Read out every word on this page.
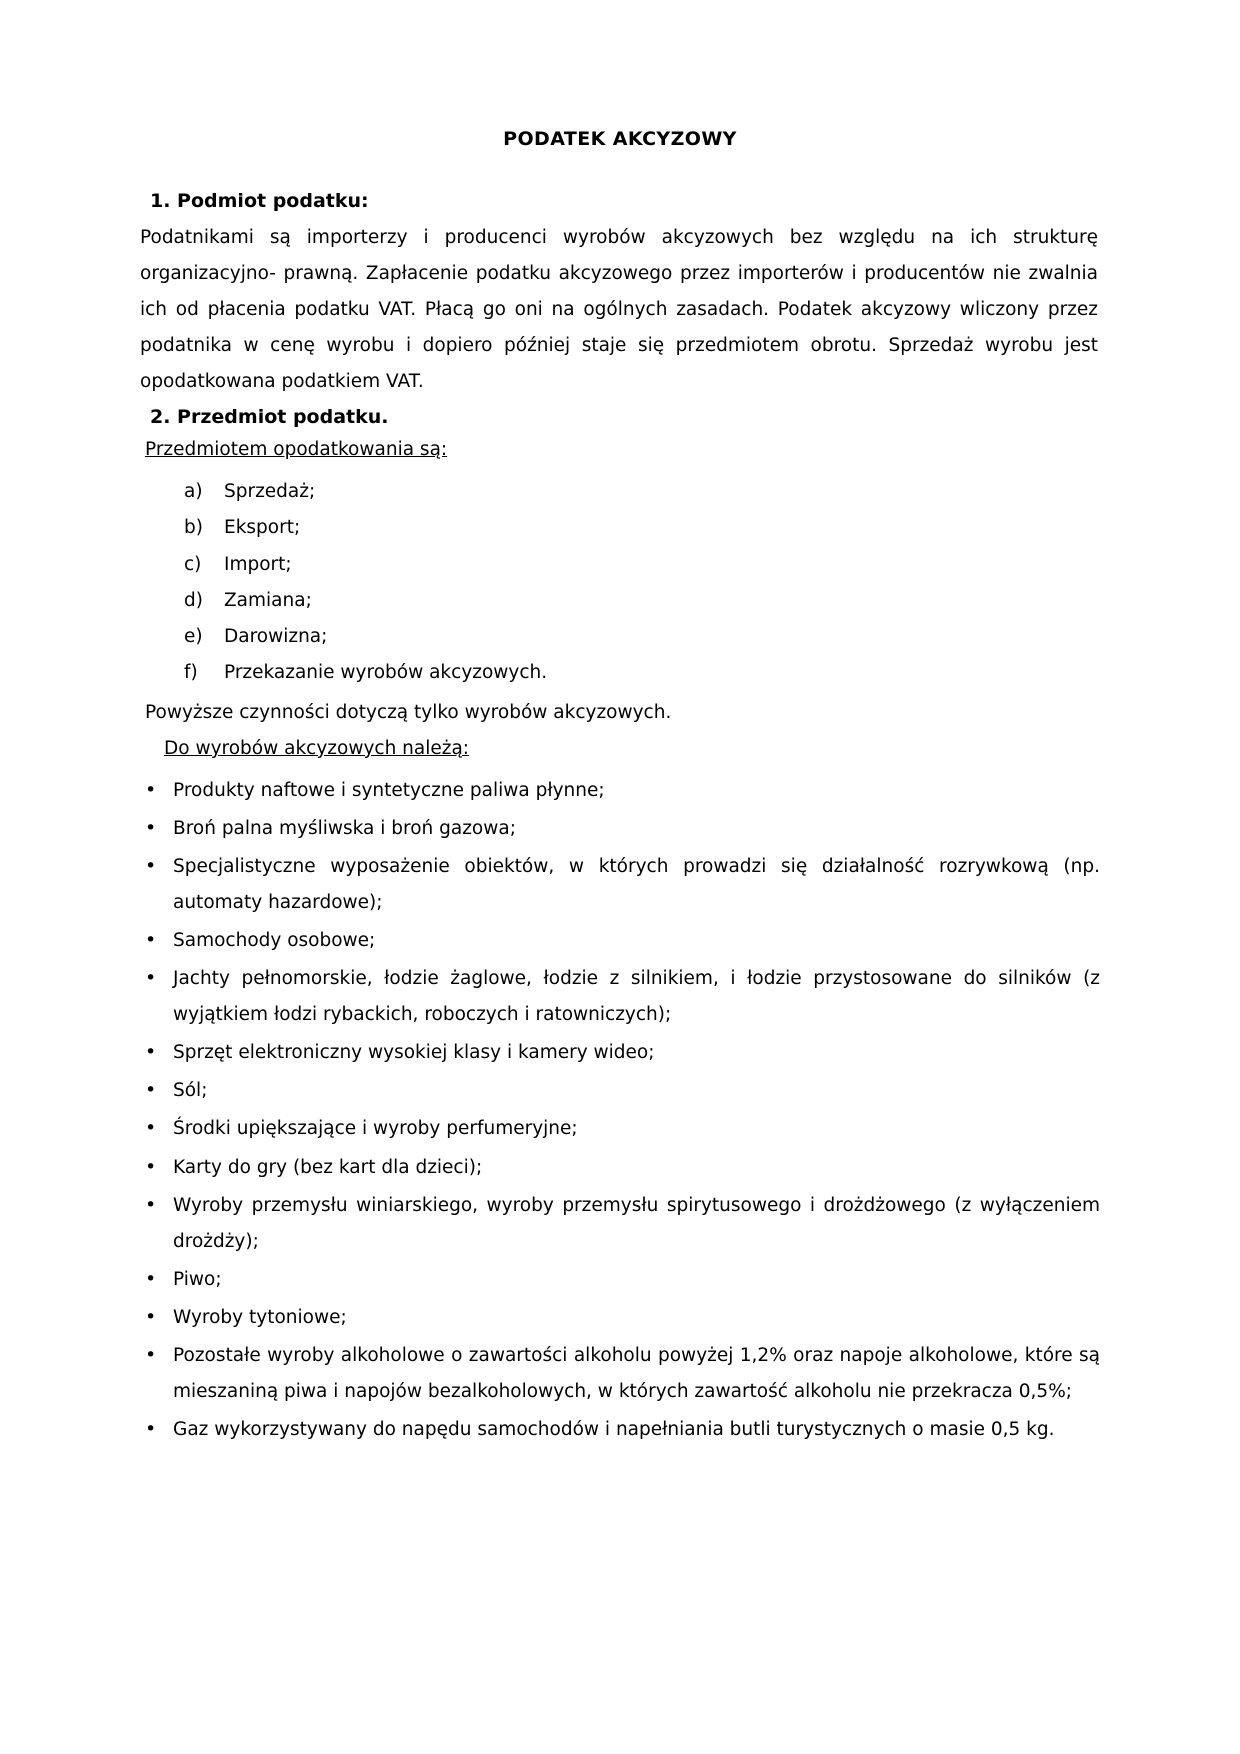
PODATEK AKCYZOWY
1. Podmiot podatku:

Podatnikami są importerzy i producenci wyrobów akcyzowych bez względu na ich strukturę organizacyjno- prawną. Zapłacenie podatku akcyzowego przez importerów i producentów nie zwalnia ich od płacenia podatku VAT. Płacą go oni na ogólnych zasadach. Podatek akcyzowy wliczony przez podatnika w cenę wyrobu i dopiero później staje się przedmiotem obrotu. Sprzedaż wyrobu jest opodatkowana podatkiem VAT.

2. Przedmiot podatku.

Przedmiotem opodatkowania są:

a) Sprzedaż;
b) Eksport;
c) Import;
d) Zamiana;
e) Darowizna;
f) Przekazanie wyrobów akcyzowych.

Powyższe czynności dotyczą tylko wyrobów akcyzowych.

Do wyrobów akcyzowych należą:

• Produkty naftowe i syntetyczne paliwa płynne;
• Broń palna myśliwska i broń gazowa;
• Specjalistyczne wyposażenie obiektów, w których prowadzi się działalność rozrywkową (np. automaty hazardowe);
• Samochody osobowe;
• Jachty pełnomorskie, łodzie żaglowe, łodzie z silnikiem, i łodzie przystosowane do silników (z wyjątkiem łodzi rybackich, roboczych i ratowniczych);
• Sprzęt elektroniczny wysokiej klasy i kamery wideo;
• Sól;
• Środki upiększające i wyroby perfumeryjne;
• Karty do gry (bez kart dla dzieci);
• Wyroby przemysłu winiarskiego, wyroby przemysłu spirytusowego i drożdżowego (z wyłączeniem drożdży);
• Piwo;
• Wyroby tytoniowe;
• Pozostałe wyroby alkoholowe o zawartości alkoholu powyżej 1,2% oraz napoje alkoholowe, które są mieszaniną piwa i napojów bezalkoholowych, w których zawartość alkoholu nie przekracza 0,5%;
• Gaz wykorzystywany do napędu samochodów i napełniania butli turystycznych o masie 0,5 kg.
